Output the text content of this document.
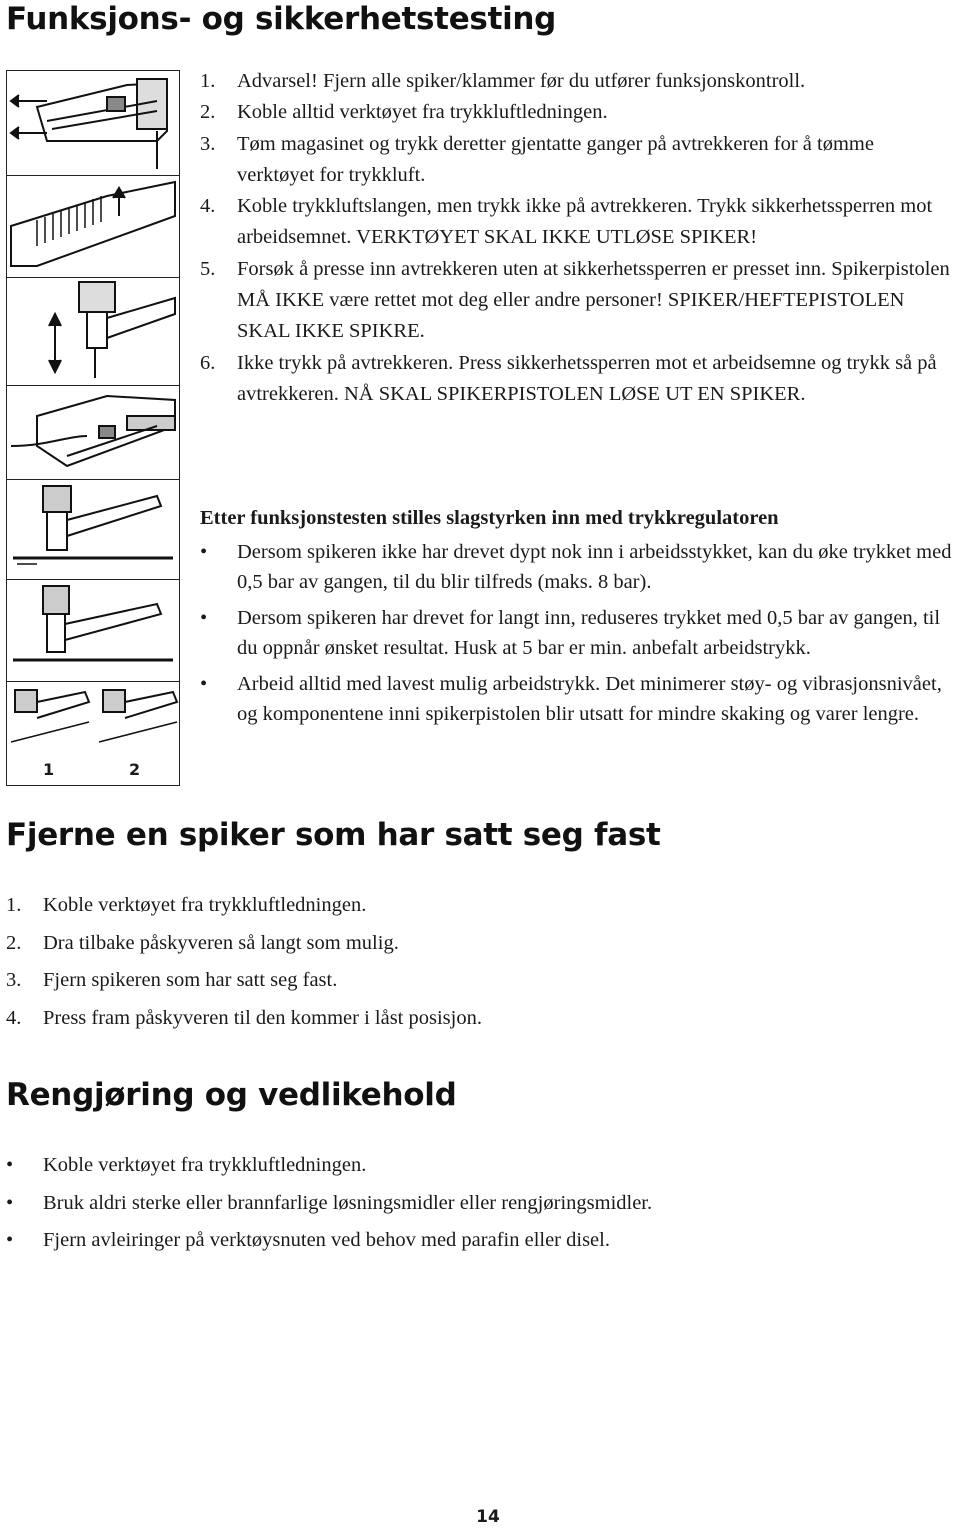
Funksjons- og sikkerhetstesting
1	2
1. Advarsel! Fjern alle spiker/klammer før du utfører funksjonskontroll.
2. Koble alltid verktøyet fra trykkluftledningen.
3. Tøm magasinet og trykk deretter gjentatte ganger på avtrekkeren for å tømme verktøyet for trykkluft.
4. Koble trykkluftslangen, men trykk ikke på avtrekkeren. Trykk sikkerhetssperren mot arbeidsemnet. VERKTØYET SKAL IKKE UTLØSE SPIKER!
5. Forsøk å presse inn avtrekkeren uten at sikkerhetssperren er presset inn. Spikerpistolen MÅ IKKE være rettet mot deg eller andre personer! SPIKER/HEFTEPISTOLEN SKAL IKKE SPIKRE.
6. Ikke trykk på avtrekkeren. Press sikkerhetssperren mot et arbeidsemne og trykk så på avtrekkeren. NÅ SKAL SPIKERPISTOLEN LØSE UT EN SPIKER.

Etter funksjonstesten stilles slagstyrken inn med trykkregulatoren

• Dersom spikeren ikke har drevet dypt nok inn i arbeidsstykket, kan du øke trykket med 0,5 bar av gangen, til du blir tilfreds (maks. 8 bar).
• Dersom spikeren har drevet for langt inn, reduseres trykket med 0,5 bar av gangen, til du oppnår ønsket resultat. Husk at 5 bar er min. anbefalt arbeidstrykk.
• Arbeid alltid med lavest mulig arbeidstrykk. Det minimerer støy- og vibrasjonsnivået, og komponentene inni spikerpistolen blir utsatt for mindre skaking og varer lengre.
Fjerne en spiker som har satt seg fast
1. Koble verktøyet fra trykkluftledningen.
2. Dra tilbake påskyveren så langt som mulig.
3. Fjern spikeren som har satt seg fast.
4. Press fram påskyveren til den kommer i låst posisjon.
Rengjøring og vedlikehold
• Koble verktøyet fra trykkluftledningen.
• Bruk aldri sterke eller brannfarlige løsningsmidler eller rengjøringsmidler.
• Fjern avleiringer på verktøysnuten ved behov med parafin eller disel.
14
